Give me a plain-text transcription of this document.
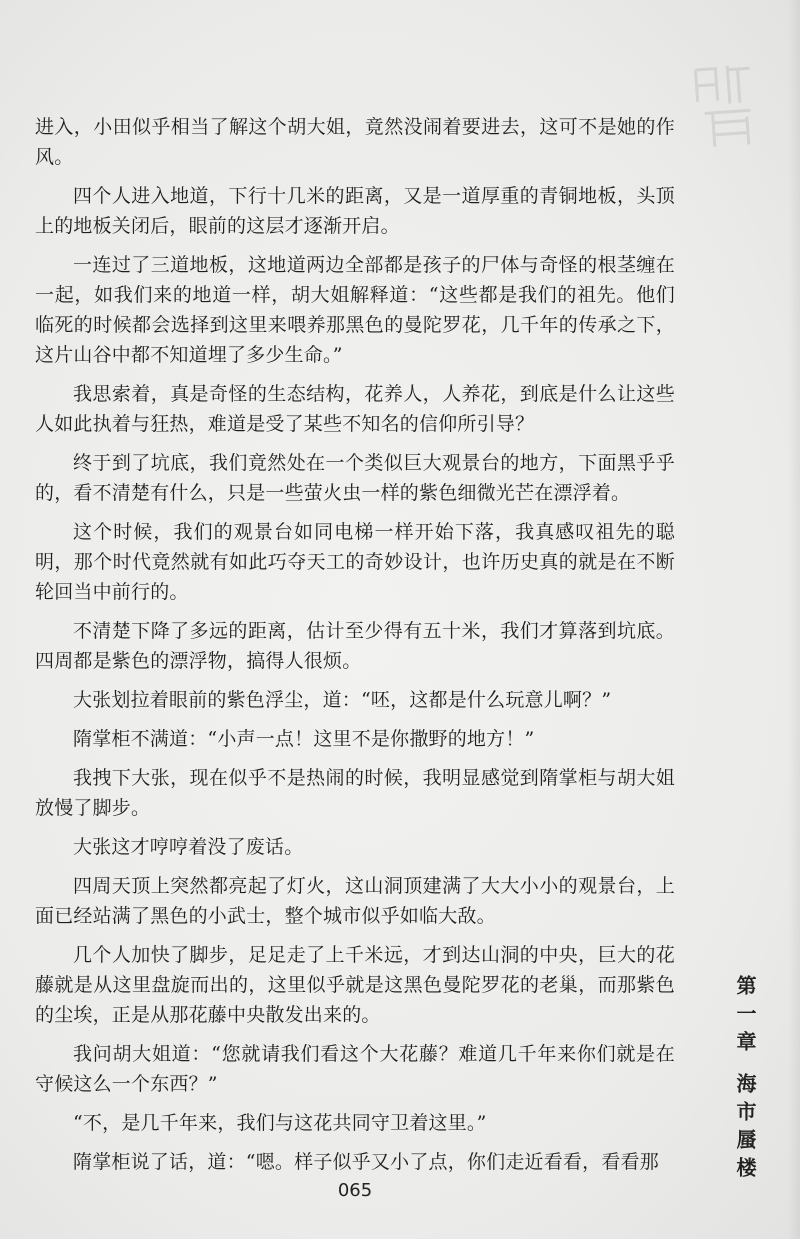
进入，小田似乎相当了解这个胡大姐，竟然没闹着要进去，这可不是她的作风。

四个人进入地道，下行十几米的距离，又是一道厚重的青铜地板，头顶上的地板关闭后，眼前的这层才逐渐开启。

一连过了三道地板，这地道两边全部都是孩子的尸体与奇怪的根茎缠在一起，如我们来的地道一样，胡大姐解释道：“这些都是我们的祖先。他们临死的时候都会选择到这里来喂养那黑色的曼陀罗花，几千年的传承之下，这片山谷中都不知道埋了多少生命。”

我思索着，真是奇怪的生态结构，花养人，人养花，到底是什么让这些人如此执着与狂热，难道是受了某些不知名的信仰所引导？

终于到了坑底，我们竟然处在一个类似巨大观景台的地方，下面黑乎乎的，看不清楚有什么，只是一些萤火虫一样的紫色细微光芒在漂浮着。

这个时候，我们的观景台如同电梯一样开始下落，我真感叹祖先的聪明，那个时代竟然就有如此巧夺天工的奇妙设计，也许历史真的就是在不断轮回当中前行的。

不清楚下降了多远的距离，估计至少得有五十米，我们才算落到坑底。四周都是紫色的漂浮物，搞得人很烦。

大张划拉着眼前的紫色浮尘，道：“呸，这都是什么玩意儿啊？”

隋掌柜不满道：“小声一点！这里不是你撒野的地方！”

我拽下大张，现在似乎不是热闹的时候，我明显感觉到隋掌柜与胡大姐放慢了脚步。

大张这才哼哼着没了废话。

四周天顶上突然都亮起了灯火，这山洞顶建满了大大小小的观景台，上面已经站满了黑色的小武士，整个城市似乎如临大敌。

几个人加快了脚步，足足走了上千米远，才到达山洞的中央，巨大的花藤就是从这里盘旋而出的，这里似乎就是这黑色曼陀罗花的老巢，而那紫色的尘埃，正是从那花藤中央散发出来的。

我问胡大姐道：“您就请我们看这个大花藤？难道几千年来你们就是在守候这么一个东西？”

“不，是几千年来，我们与这花共同守卫着这里。”

隋掌柜说了话，道：“嗯。样子似乎又小了点，你们走近看看，看看那

第一章海市蜃楼
065
